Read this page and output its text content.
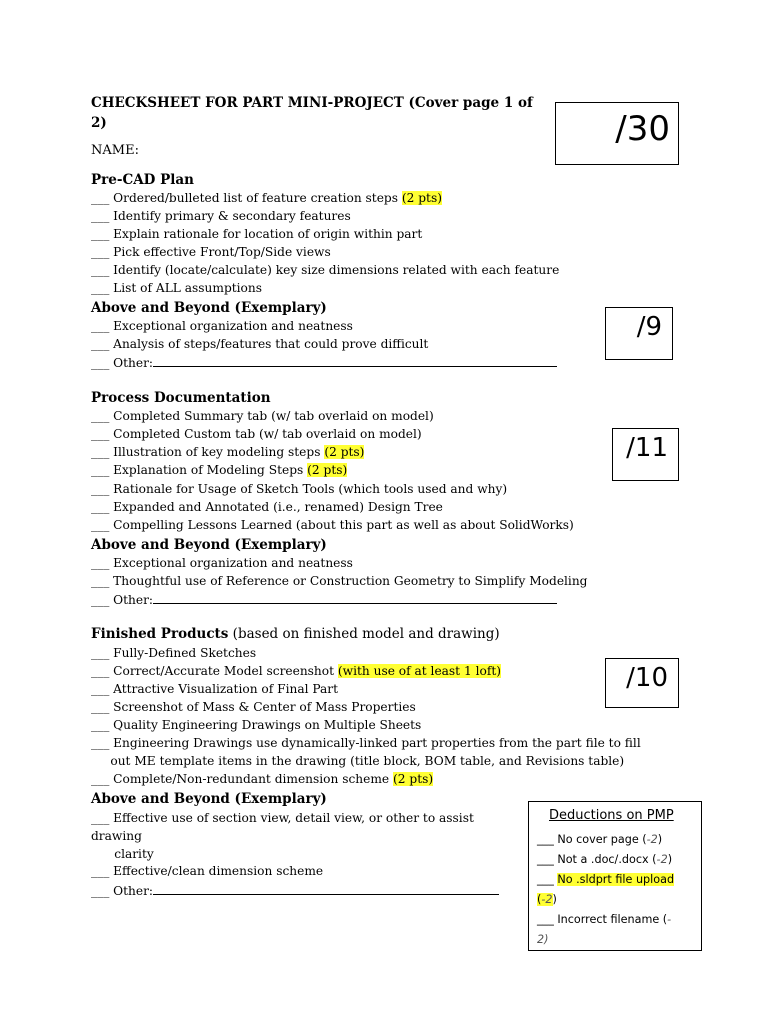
CHECKSHEET FOR PART MINI-PROJECT (Cover page 1 of 2)
NAME:
/30
Pre-CAD Plan
___ Ordered/bulleted list of feature creation steps (2 pts)
___ Identify primary & secondary features
___ Explain rationale for location of origin within part
___ Pick effective Front/Top/Side views
___ Identify (locate/calculate) key size dimensions related with each feature
___ List of ALL assumptions
Above and Beyond (Exemplary)
___ Exceptional organization and neatness
___ Analysis of steps/features that could prove difficult
___ Other:
/9
Process Documentation
___ Completed Summary tab (w/ tab overlaid on model)
___ Completed Custom tab (w/ tab overlaid on model)
___ Illustration of key modeling steps (2 pts)
___ Explanation of Modeling Steps (2 pts)
___ Rationale for Usage of Sketch Tools (which tools used and why)
___ Expanded and Annotated (i.e., renamed) Design Tree
___ Compelling Lessons Learned (about this part as well as about SolidWorks)
Above and Beyond (Exemplary)
___ Exceptional organization and neatness
___ Thoughtful use of Reference or Construction Geometry to Simplify Modeling
___ Other:
/11
Finished Products (based on finished model and drawing)
___ Fully-Defined Sketches
___ Correct/Accurate Model screenshot (with use of at least 1 loft)
___ Attractive Visualization of Final Part
___ Screenshot of Mass & Center of Mass Properties
___ Quality Engineering Drawings on Multiple Sheets
___ Engineering Drawings use dynamically-linked part properties from the part file to fill
out ME template items in the drawing (title block, BOM table, and Revisions table)
___ Complete/Non-redundant dimension scheme (2 pts)
Above and Beyond (Exemplary)
___ Effective use of section view, detail view, or other to assist
drawing
clarity
___ Effective/clean dimension scheme
___ Other:
/10
Deductions on PMP
___ No cover page (-2)
___ Not a .doc/.docx (-2)
___ No .sldprt file upload
(-2)
___ Incorrect filename (-
2)
